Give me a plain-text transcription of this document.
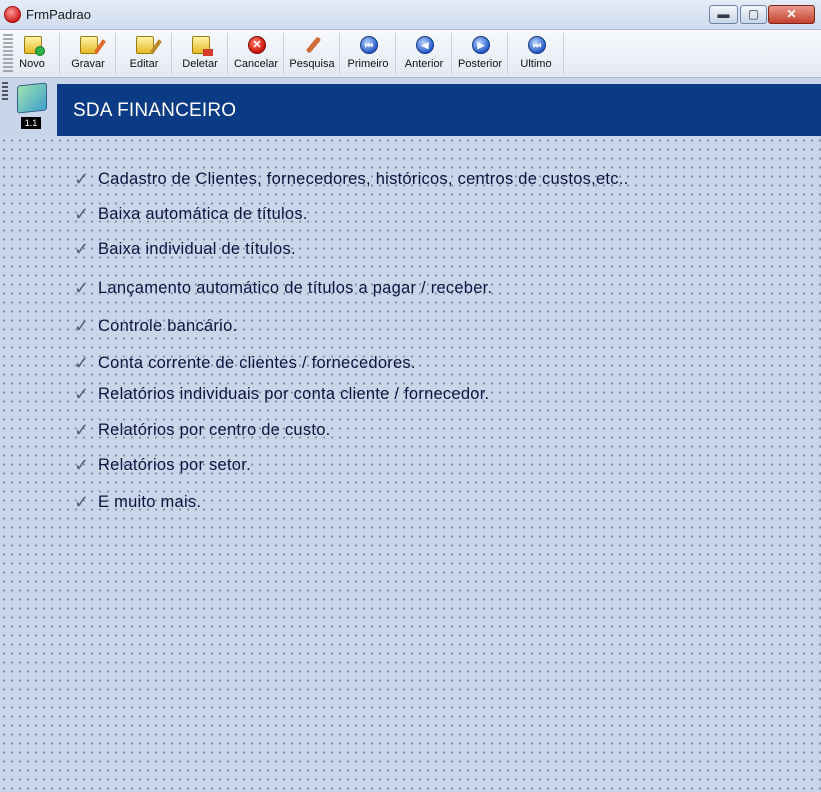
FrmPadrao	▬	▢	✕
Novo	Gravar	Editar	Deletar
✕
Cancelar	Pesquisa
⏮
Primeiro
◀
Anterior
▶
Posterior
⏭
Ultimo
1.1
SDA FINANCEIRO
✓ Cadastro de Clientes, fornecedores, históricos, centros de custos,etc..
✓ Baixa automática de títulos.
✓ Baixa individual de títulos.
✓ Lançamento automático de títulos a pagar / receber.
✓ Controle bancário.
✓ Conta corrente de clientes / fornecedores.
✓ Relatórios individuais por conta cliente / fornecedor.
✓ Relatórios por centro de custo.
✓ Relatórios por setor.
✓ E muito mais.
